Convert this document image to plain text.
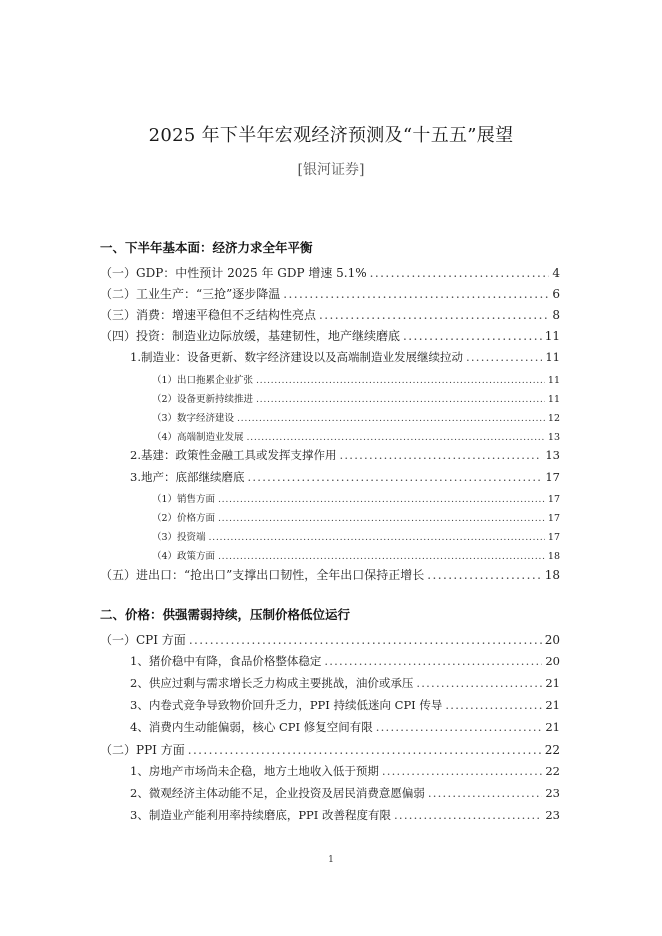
2025 年下半年宏观经济预测及“十五五”展望
[银河证券]
一、下半年基本面：经济力求全年平衡
（一）GDP：中性预计 2025 年 GDP 增速 5.1% . . .	4
（二）工业生产：“三抢”逐步降温 . . .	6
（三）消费：增速平稳但不乏结构性亮点 . . .	8
（四）投资：制造业边际放缓，基建韧性，地产继续磨底 . . .	11
1.制造业：设备更新、数字经济建设以及高端制造业发展继续拉动 . . .	11
（1）出口拖累企业扩张 . . .	11
（2）设备更新持续推进 . . .	11
（3）数字经济建设 . . .	12
（4）高端制造业发展 . . .	13
2.基建：政策性金融工具或发挥支撑作用 . . .	13
3.地产：底部继续磨底 . . .	17
（1）销售方面 . . .	17
（2）价格方面 . . .	17
（3）投资端 . . .	17
（4）政策方面 . . .	18
（五）进出口：“抢出口”支撑出口韧性，全年出口保持正增长 . . .	18
二、价格：供强需弱持续，压制价格低位运行
（一）CPI 方面 . . .	20
1、猪价稳中有降，食品价格整体稳定 . . .	20
2、供应过剩与需求增长乏力构成主要挑战，油价或承压 . . .	21
3、内卷式竞争导致物价回升乏力，PPI 持续低迷向 CPI 传导 . . .	21
4、消费内生动能偏弱，核心 CPI 修复空间有限 . . .	21
（二）PPI 方面 . . .	22
1、房地产市场尚未企稳，地方土地收入低于预期 . . .	22
2、微观经济主体动能不足，企业投资及居民消费意愿偏弱 . . .	23
3、制造业产能利用率持续磨底，PPI 改善程度有限 . . .	23
1
